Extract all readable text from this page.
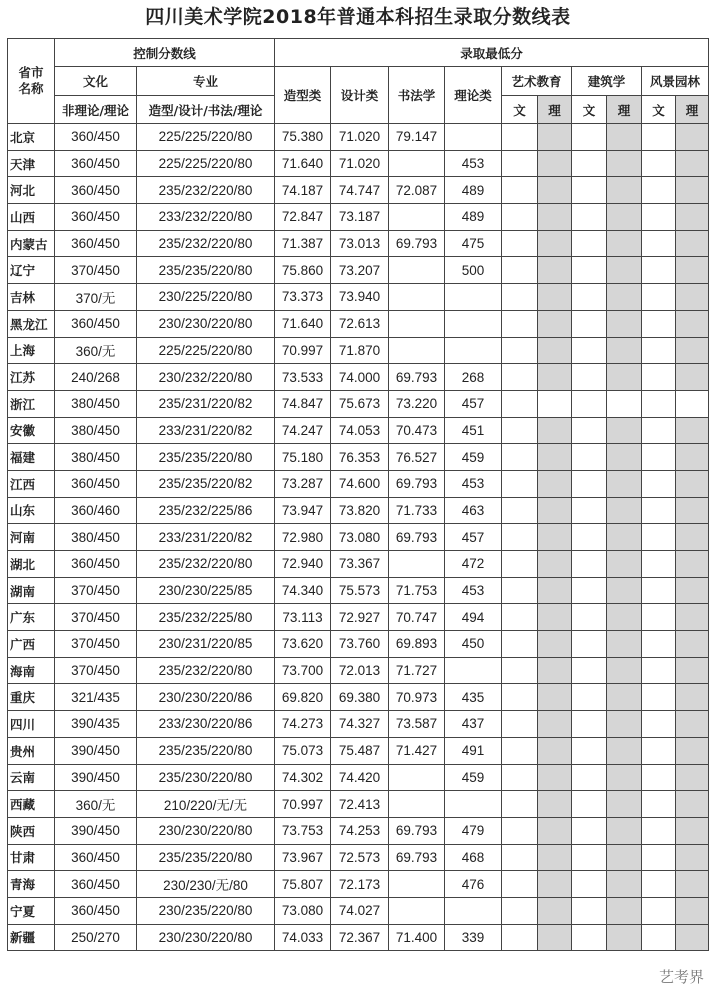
四川美术学院2018年普通本科招生录取分数线表
省市名称	控制分数线		录取最低分									
	文化	专业	造型类	设计类	书法学	理论类	艺术教育		建筑学		风景园林	
	非理论/理论	造型/设计/书法/理论					文	理	文	理	文	理
北京	360/450	225/225/220/80	75.380	71.020	79.147							
天津	360/450	225/225/220/80	71.640	71.020		453						
河北	360/450	235/232/220/80	74.187	74.747	72.087	489						
山西	360/450	233/232/220/80	72.847	73.187		489						
内蒙古	360/450	235/232/220/80	71.387	73.013	69.793	475						
辽宁	370/450	235/235/220/80	75.860	73.207		500						
吉林	370/无	230/225/220/80	73.373	73.940								
黑龙江	360/450	230/230/220/80	71.640	72.613								
上海	360/无	225/225/220/80	70.997	71.870								
江苏	240/268	230/232/220/80	73.533	74.000	69.793	268						
浙江	380/450	235/231/220/82	74.847	75.673	73.220	457						
安徽	380/450	233/231/220/82	74.247	74.053	70.473	451						
福建	380/450	235/235/220/80	75.180	76.353	76.527	459						
江西	360/450	235/235/220/82	73.287	74.600	69.793	453						
山东	360/460	235/232/225/86	73.947	73.820	71.733	463						
河南	380/450	233/231/220/82	72.980	73.080	69.793	457						
湖北	360/450	235/232/220/80	72.940	73.367		472						
湖南	370/450	230/230/225/85	74.340	75.573	71.753	453						
广东	370/450	235/232/225/80	73.113	72.927	70.747	494						
广西	370/450	230/231/220/85	73.620	73.760	69.893	450						
海南	370/450	235/232/220/80	73.700	72.013	71.727							
重庆	321/435	230/230/220/86	69.820	69.380	70.973	435						
四川	390/435	233/230/220/86	74.273	74.327	73.587	437						
贵州	390/450	235/235/220/80	75.073	75.487	71.427	491						
云南	390/450	235/230/220/80	74.302	74.420		459						
西藏	360/无	210/220/无/无	70.997	72.413								
陕西	390/450	230/230/220/80	73.753	74.253	69.793	479						
甘肃	360/450	235/235/220/80	73.967	72.573	69.793	468						
青海	360/450	230/230/无/80	75.807	72.173		476						
宁夏	360/450	230/235/220/80	73.080	74.027								
新疆	250/270	230/230/220/80	74.033	72.367	71.400	339						
艺考界
